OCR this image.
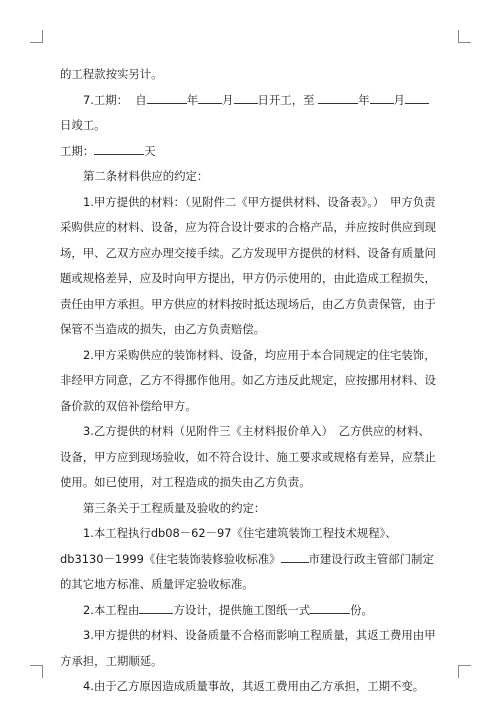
的工程款按实另计。

7.工期： 自	年 月 日开工，至	年 月日竣工。

工期：	天

第二条材料供应的约定：

1.甲方提供的材料：（见附件二《甲方提供材料、设备表》。）　甲方负责采购供应的材料、设备，应为符合设计要求的合格产品，并应按时供应到现场，甲、乙双方应办理交接手续。乙方发现甲方提供的材料、设备有质量问题或规格差异，应及时向甲方提出，甲方仍示使用的，由此造成工程损失，责任由甲方承担。甲方供应的材料按时抵达现场后，由乙方负责保管，由于保管不当造成的损失，由乙方负责赔偿。

2.甲方采购供应的装饰材料、设备，均应用于本合同规定的住宅装饰，非经甲方同意，乙方不得挪作他用。如乙方违反此规定，应按挪用材料、设备价款的双倍补偿给甲方。

3.乙方提供的材料（见附件三《主材料报价单入）　乙方供应的材料、设备，甲方应到现场验收，如不符合设计、施工要求或规格有差异，应禁止使用。如已使用，对工程造成的损失由乙方负责。

第三条关于工程质量及验收的约定：

1.本工程执行db08－62－97《住宅建筑装饰工程技术规程》、db3130－1999《住宅装饰装修验收标准》 市建设行政主管部门制定的其它地方标准、质量评定验收标准。

2.本工程由	方设计，提供施工图纸一式	份。

3.甲方提供的材料、设备质量不合格而影响工程质量，其返工费用由甲方承担，工期顺延。

4.由于乙方原因造成质量事故，其返工费用由乙方承担，工期不变。
